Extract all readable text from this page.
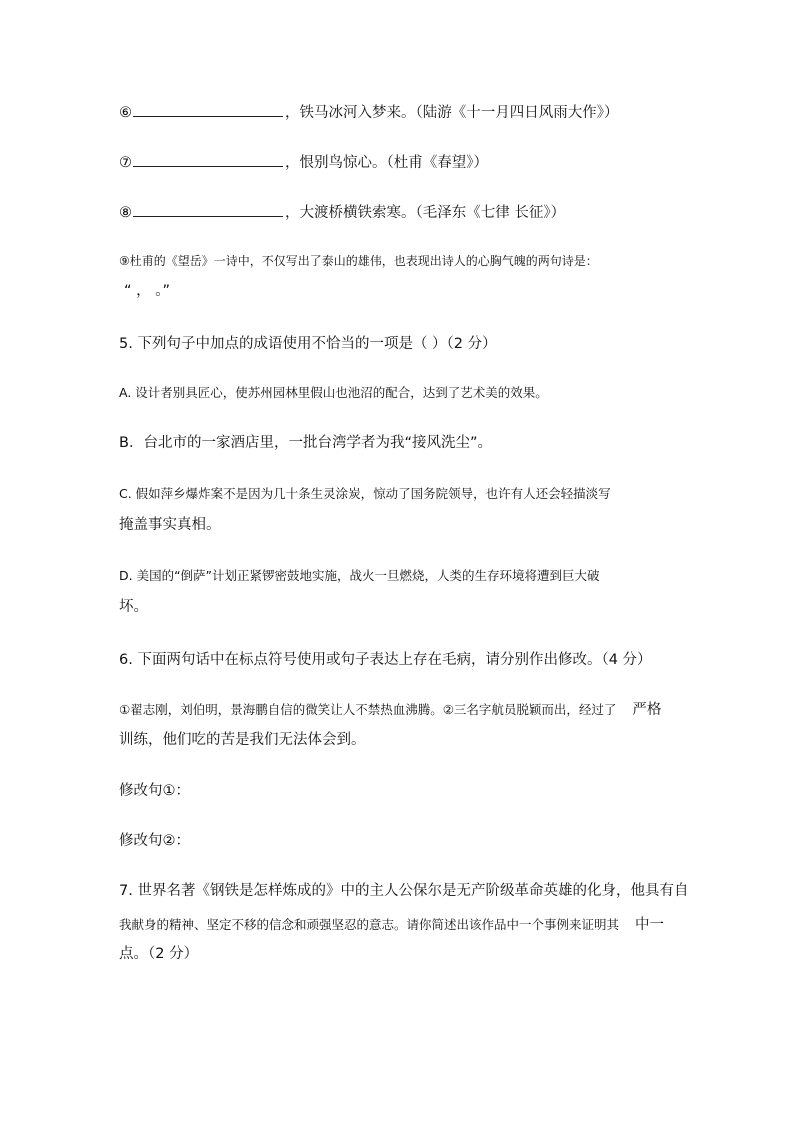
⑥	，铁马冰河入梦来。（陆游《十一月四日风雨大作》）
⑦	，恨别鸟惊心。（杜甫《春望》）
⑧	，大渡桥横铁索寒。（毛泽东《七律 长征》）
⑨杜甫的《望岳》一诗中，不仅写出了泰山的雄伟，也表现出诗人的心胸气魄的两句诗是：
“ ， 。”
5. 下列句子中加点的成语使用不恰当的一项是（ ）（2 分）
A. 设计者别具匠心，使苏州园林里假山也池沼的配合，达到了艺术美的效果。
B．台北市的一家酒店里，一批台湾学者为我“接风洗尘”。
C. 假如萍乡爆炸案不是因为几十条生灵涂炭，惊动了国务院领导，也许有人还会轻描淡写
掩盖事实真相。
D. 美国的“倒萨”计划正紧锣密鼓地实施，战火一旦燃烧，人类的生存环境将遭到巨大破
坏。
6. 下面两句话中在标点符号使用或句子表达上存在毛病，请分别作出修改。（4 分）
①翟志刚，刘伯明，景海鹏自信的微笑让人不禁热血沸腾。②三名字航员脱颖而出，经过了 严格
训练，他们吃的苦是我们无法体会到。
修改句①：
修改句②：
7. 世界名著《钢铁是怎样炼成的》中的主人公保尔是无产阶级革命英雄的化身，他具有自
我献身的精神、坚定不移的信念和顽强坚忍的意志。请你简述出该作品中一个事例来证明其 中一
点。（2 分）
